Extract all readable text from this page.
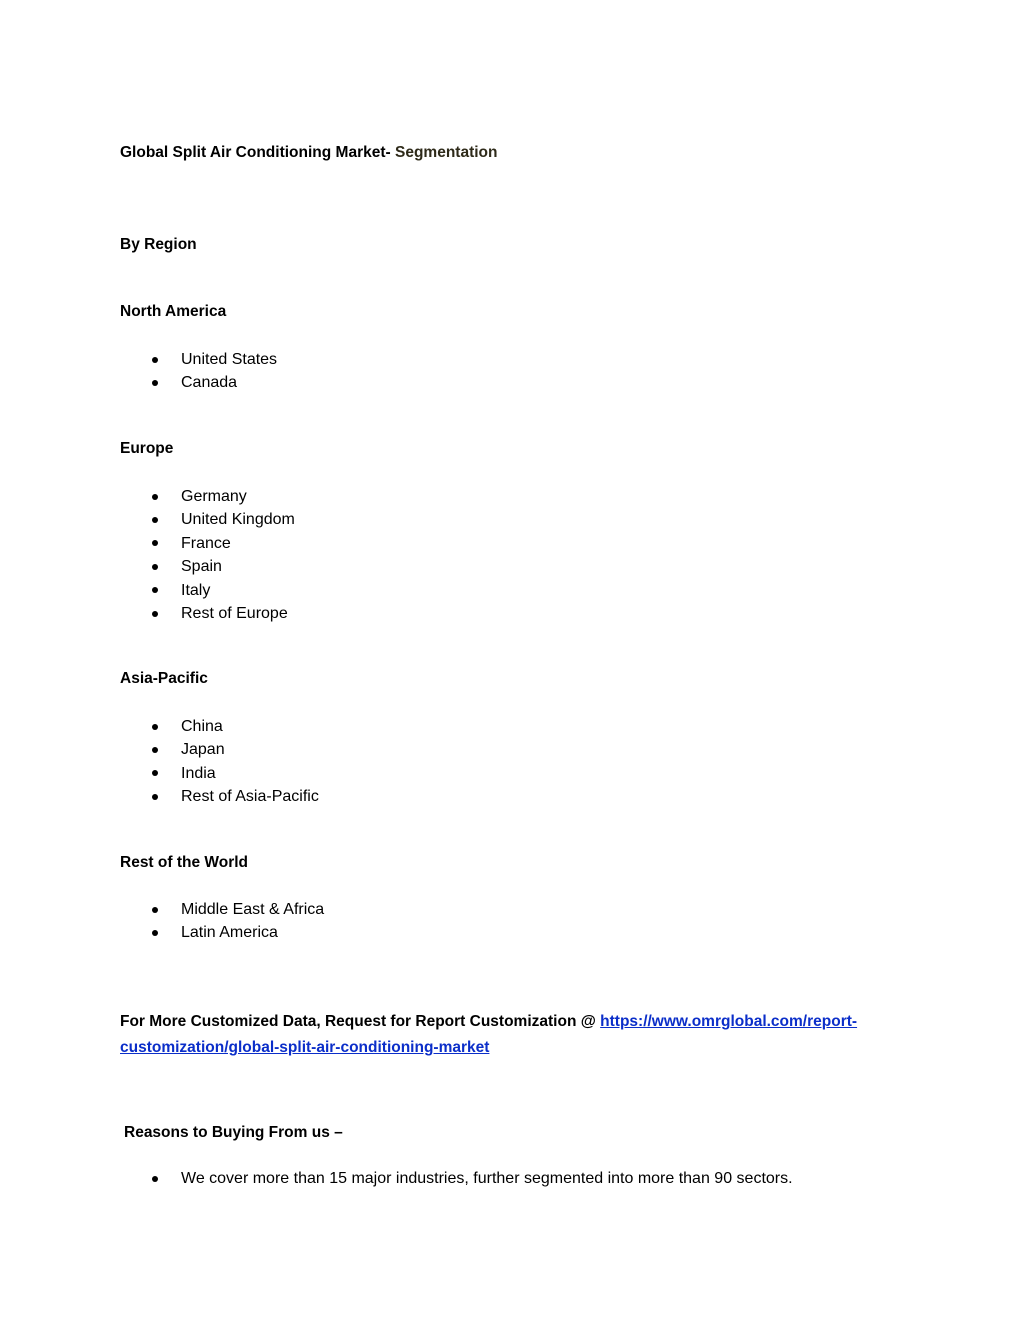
Global Split Air Conditioning Market- Segmentation
By Region
North America
United States
Canada
Europe
Germany
United Kingdom
France
Spain
Italy
Rest of Europe
Asia-Pacific
China
Japan
India
Rest of Asia-Pacific
Rest of the World
Middle East & Africa
Latin America
For More Customized Data, Request for Report Customization @ https://www.omrglobal.com/report-
customization/global-split-air-conditioning-market
Reasons to Buying From us –
We cover more than 15 major industries, further segmented into more than 90 sectors.
